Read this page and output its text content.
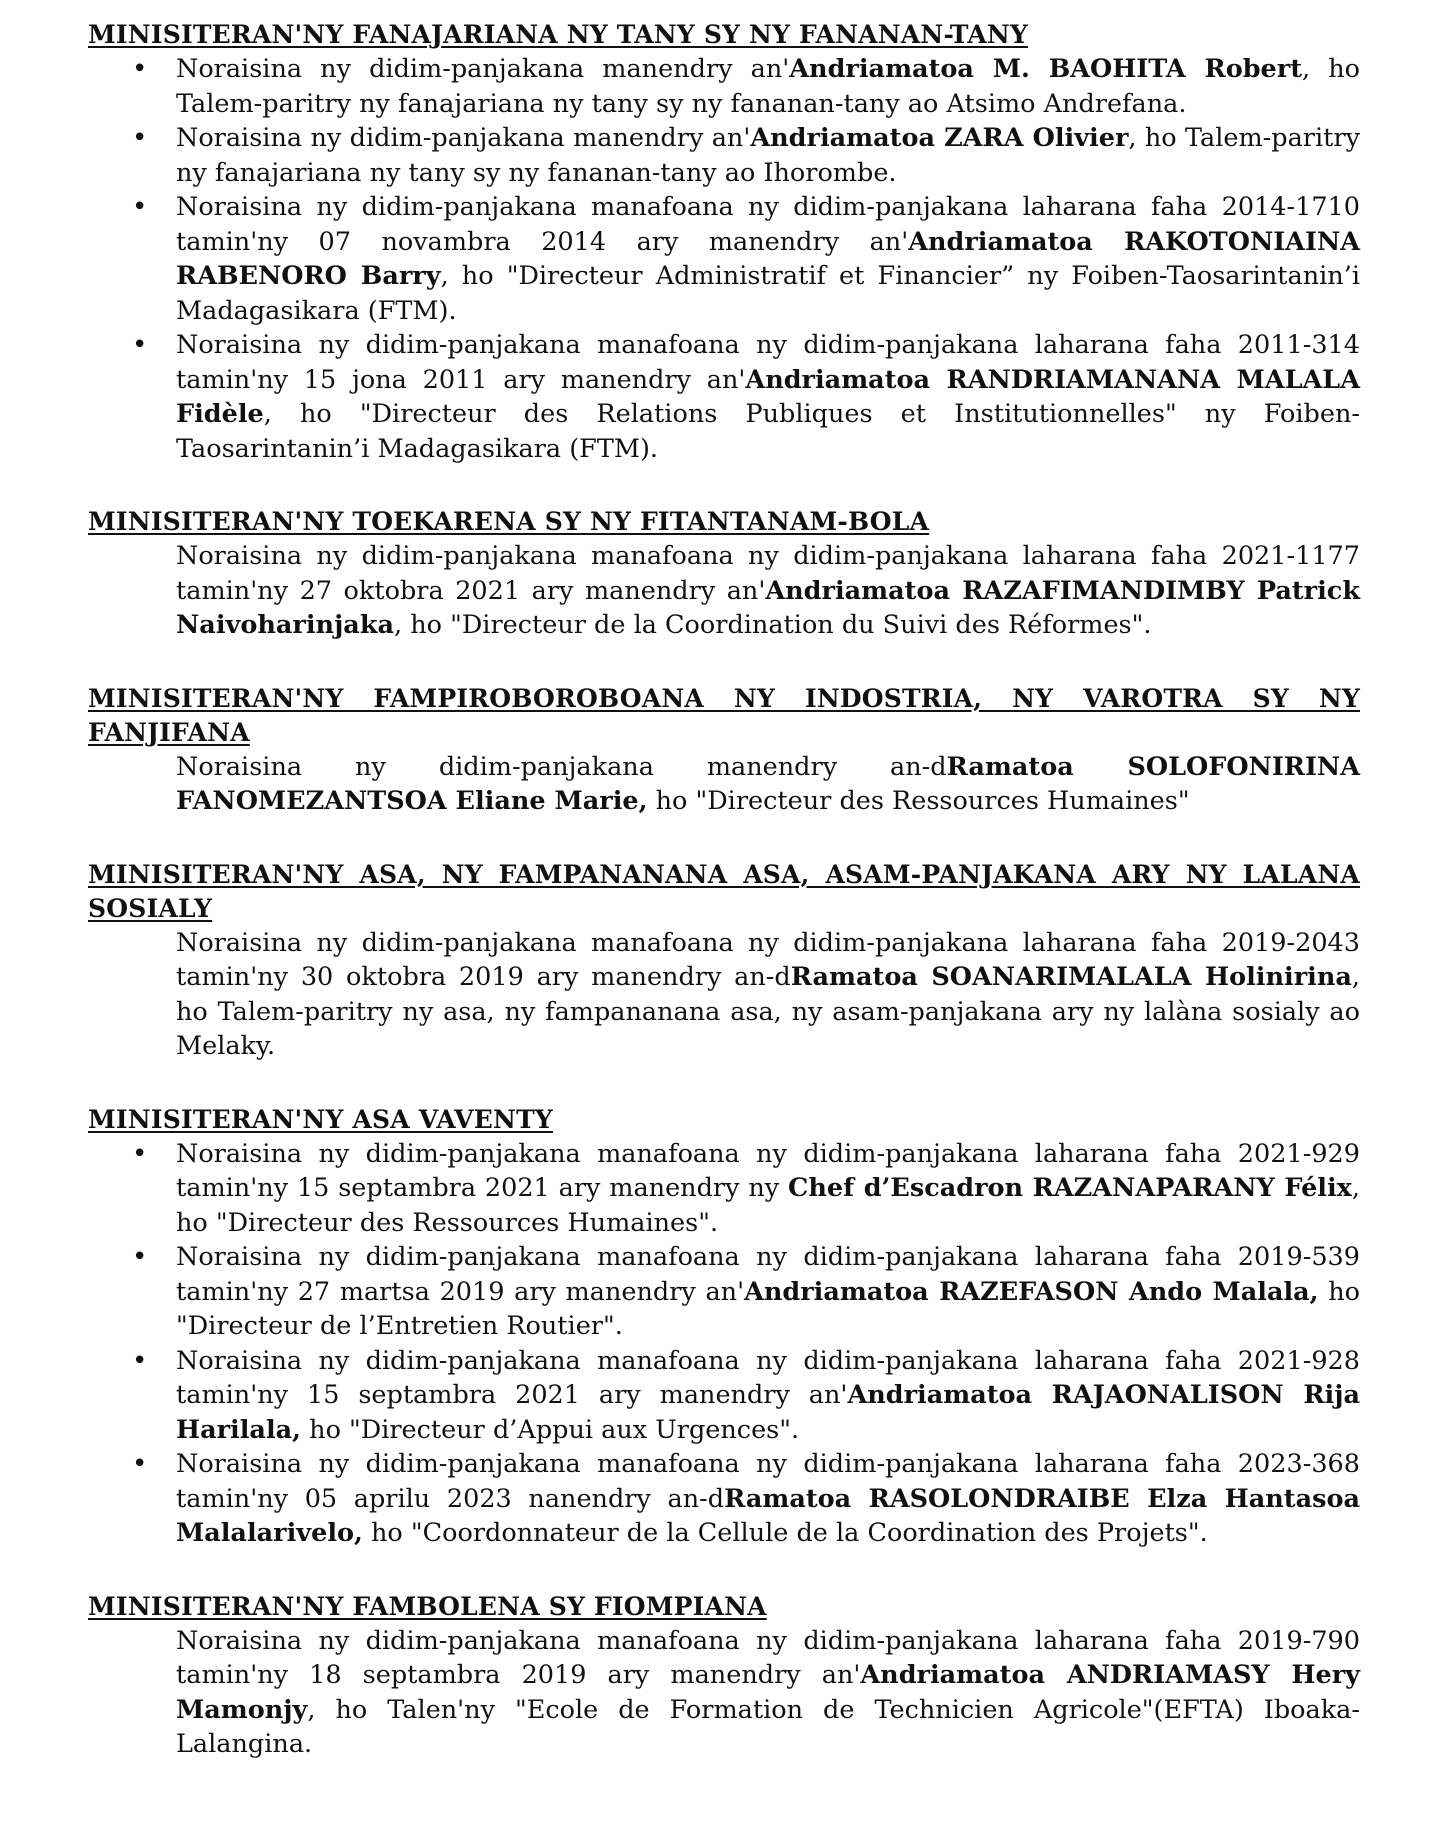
MINISITERAN'NY FANAJARIANA NY TANY SY NY FANANAN-TANY

• Noraisina ny didim-panjakana manendry an'Andriamatoa M. BAOHITA Robert, ho Talem-paritry ny fanajariana ny tany sy ny fananan-tany ao Atsimo Andrefana.
• Noraisina ny didim-panjakana manendry an'Andriamatoa ZARA Olivier, ho Talem-paritry ny fanajariana ny tany sy ny fananan-tany ao Ihorombe.
• Noraisina ny didim-panjakana manafoana ny didim-panjakana laharana faha 2014-1710 tamin'ny 07 novambra 2014 ary manendry an'Andriamatoa RAKOTONIAINA RABENORO Barry, ho "Directeur Administratif et Financier” ny Foiben-Taosarintanin’i Madagasikara (FTM).
• Noraisina ny didim-panjakana manafoana ny didim-panjakana laharana faha 2011-314 tamin'ny 15 jona 2011 ary manendry an'Andriamatoa RANDRIAMANANA MALALA Fidèle, ho "Directeur des Relations Publiques et Institutionnelles" ny Foiben-Taosarintanin’i Madagasikara (FTM).

MINISITERAN'NY TOEKARENA SY NY FITANTANAM-BOLA

Noraisina ny didim-panjakana manafoana ny didim-panjakana laharana faha 2021-1177 tamin'ny 27 oktobra 2021 ary manendry an'Andriamatoa RAZAFIMANDIMBY Patrick Naivoharinjaka, ho "Directeur de la Coordination du Suivi des Réformes".

MINISITERAN'NY FAMPIROBOROBOANA NY INDOSTRIA, NY VAROTRA SY NY FANJIFANA

Noraisina ny didim-panjakana manendry an-dRamatoa SOLOFONIRINA FANOMEZANTSOA Eliane Marie, ho "Directeur des Ressources Humaines"

MINISITERAN'NY ASA, NY FAMPANANANA ASA, ASAM-PANJAKANA ARY NY LALANA SOSIALY

Noraisina ny didim-panjakana manafoana ny didim-panjakana laharana faha 2019-2043 tamin'ny 30 oktobra 2019 ary manendry an-dRamatoa SOANARIMALALA Holinirina, ho Talem-paritry ny asa, ny fampananana asa, ny asam-panjakana ary ny lalàna sosialy ao Melaky.

MINISITERAN'NY ASA VAVENTY

• Noraisina ny didim-panjakana manafoana ny didim-panjakana laharana faha 2021-929 tamin'ny 15 septambra 2021 ary manendry ny Chef d’Escadron RAZANAPARANY Félix, ho "Directeur des Ressources Humaines".
• Noraisina ny didim-panjakana manafoana ny didim-panjakana laharana faha 2019-539 tamin'ny 27 martsa 2019 ary manendry an'Andriamatoa RAZEFASON Ando Malala, ho "Directeur de l’Entretien Routier".
• Noraisina ny didim-panjakana manafoana ny didim-panjakana laharana faha 2021-928 tamin'ny 15 septambra 2021 ary manendry an'Andriamatoa RAJAONALISON Rija Harilala, ho "Directeur d’Appui aux Urgences".
• Noraisina ny didim-panjakana manafoana ny didim-panjakana laharana faha 2023-368 tamin'ny 05 aprilu 2023 nanendry an-dRamatoa RASOLONDRAIBE Elza Hantasoa Malalarivelo, ho "Coordonnateur de la Cellule de la Coordination des Projets".

MINISITERAN'NY FAMBOLENA SY FIOMPIANA

Noraisina ny didim-panjakana manafoana ny didim-panjakana laharana faha 2019-790 tamin'ny 18 septambra 2019 ary manendry an'Andriamatoa ANDRIAMASY Hery Mamonjy, ho Talen'ny "Ecole de Formation de Technicien Agricole"(EFTA) Iboaka-Lalangina.
